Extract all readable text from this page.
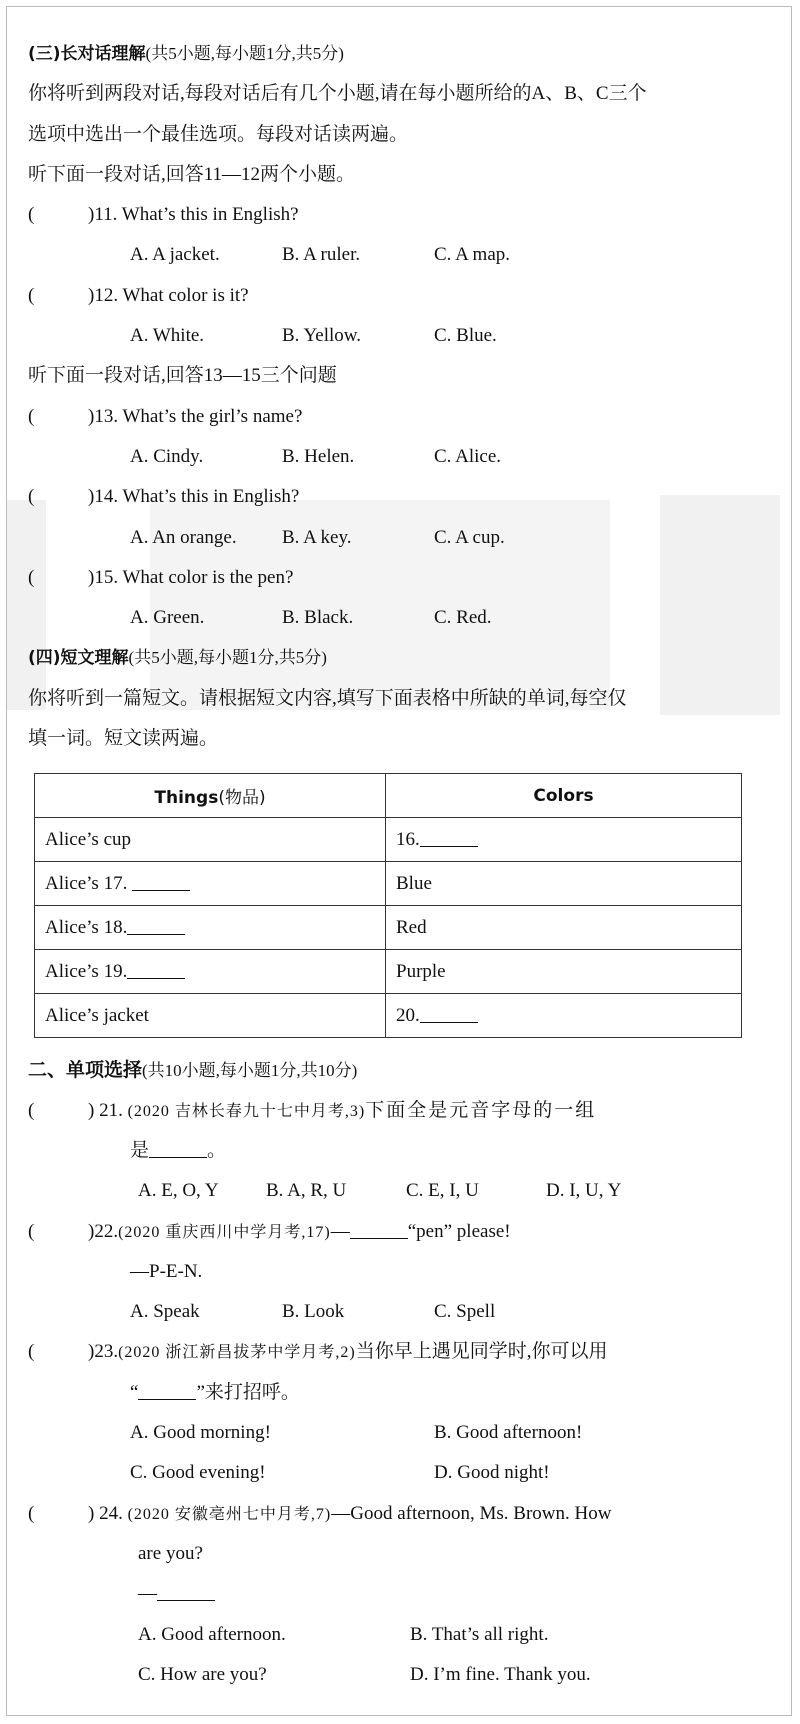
(三)长对话理解(共5小题,每小题1分,共5分)
你将听到两段对话,每段对话后有几个小题,请在每小题所给的A、B、C三个
选项中选出一个最佳选项。每段对话读两遍。
听下面一段对话,回答11—12两个小题。
(	)11. What’s this in English?
A. A jacket.	B. A ruler.	C. A map.
(	)12. What color is it?
A. White.	B. Yellow.	C. Blue.
听下面一段对话,回答13—15三个问题
(	)13. What’s the girl’s name?
A. Cindy.	B. Helen.	C. Alice.
(	)14. What’s this in English?
A. An orange. B. A key.	C. A cup.
(	)15. What color is the pen?
A. Green.	B. Black.	C. Red.
(四)短文理解(共5小题,每小题1分,共5分)
你将听到一篇短文。请根据短文内容,填写下面表格中所缺的单词,每空仅
填一词。短文读两遍。
Things(物品)	Colors
Alice’s cup	16.
Alice’s 17.	Blue
Alice’s 18.	Red
Alice’s 19.	Purple
Alice’s jacket	20.
二、单项选择(共10小题,每小题1分,共10分)
(	) 21. (2020 吉林长春九十七中月考,3)下面全是元音字母的一组
是	。
A. E, O, Y B. A, R, U	C. E, I, U	D. I, U, Y
(	)22.(2020 重庆西川中学月考,17)—	“pen” please!
—P-E-N.
A. Speak	B. Look	C. Spell
(	)23.(2020 浙江新昌拔茅中学月考,2)当你早上遇见同学时,你可以用
“	”来打招呼。
A. Good morning!	B. Good afternoon!
C. Good evening!	D. Good night!
(	) 24. (2020 安徽亳州七中月考,7)—Good afternoon, Ms. Brown. How
are you?
—
A. Good afternoon.	B. That’s all right.
C. How are you?	D. I’m fine. Thank you.
